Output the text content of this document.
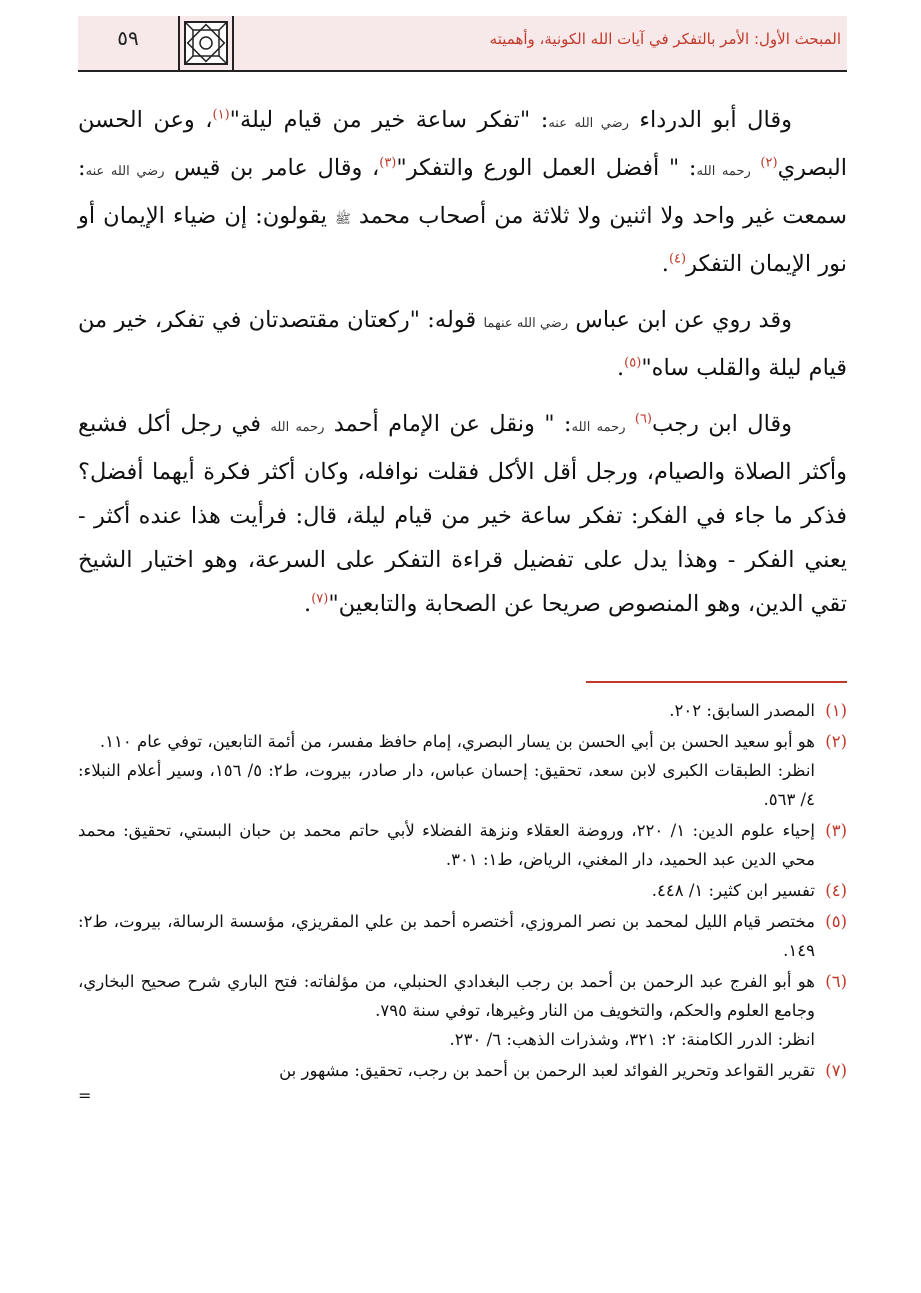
المبحث الأول: الأمر بالتفكر في آيات الله الكونية، وأهميته
٥٩

وقال أبو الدرداء رضي الله عنه: "تفكر ساعة خير من قيام ليلة"$^{(١)}$، وعن الحسن البصري$^{(٢)}$ رحمه الله: " أفضل العمل الورع والتفكر"$^{(٣)}$، وقال عامر بن قيس رضي الله عنه: سمعت غير واحد ولا اثنين ولا ثلاثة من أصحاب محمد ﷺ يقولون: إن ضياء الإيمان أو نور الإيمان التفكر$^{(٤)}$.

وقد روي عن ابن عباس رضي الله عنهما قوله: "ركعتان مقتصدتان في تفكر، خير من قيام ليلة والقلب ساه"$^{(٥)}$.

وقال ابن رجب$^{(٦)}$ رحمه الله: " ونقل عن الإمام أحمد رحمه الله في رجل أكل فشبع وأكثر الصلاة والصيام، ورجل أقل الأكل فقلت نوافله، وكان أكثر فكرة أيهما أفضل؟ فذكر ما جاء في الفكر: تفكر ساعة خير من قيام ليلة، قال: فرأيت هذا عنده أكثر - يعني الفكر - وهذا يدل على تفضيل قراءة التفكر على السرعة، وهو اختيار الشيخ تقي الدين، وهو المنصوص صريحا عن الصحابة والتابعين"$^{(٧)}$.

(١)
المصدر السابق: ٢٠٢.
(٢)
هو أبو سعيد الحسن بن أبي الحسن بن يسار البصري، إمام حافظ مفسر، من أئمة التابعين، توفي عام ١١٠.
انظر: الطبقات الكبرى لابن سعد، تحقيق: إحسان عباس، دار صادر، بيروت، ط٢: ٥/ ١٥٦، وسير أعلام النبلاء: ٤/ ٥٦٣.
(٣)
إحياء علوم الدين: ١/ ٢٢٠، وروضة العقلاء ونزهة الفضلاء لأبي حاتم محمد بن حبان البستي، تحقيق: محمد محي الدين عبد الحميد، دار المغني، الرياض، ط١: ٣٠١.
(٤)
تفسير ابن كثير: ١/ ٤٤٨.
(٥)
مختصر قيام الليل لمحمد بن نصر المروزي، أختصره أحمد بن علي المقريزي، مؤسسة الرسالة، بيروت، ط٢: ١٤٩.
(٦)
هو أبو الفرج عبد الرحمن بن أحمد بن رجب البغدادي الحنبلي، من مؤلفاته: فتح الباري شرح صحيح البخاري، وجامع العلوم والحكم، والتخويف من النار وغيرها، توفي سنة ٧٩٥.
انظر: الدرر الكامنة: ٢: ٣٢١، وشذرات الذهب: ٦/ ٢٣٠.
(٧)
تقرير القواعد وتحرير الفوائد لعبد الرحمن بن أحمد بن رجب، تحقيق: مشهور بن
=
